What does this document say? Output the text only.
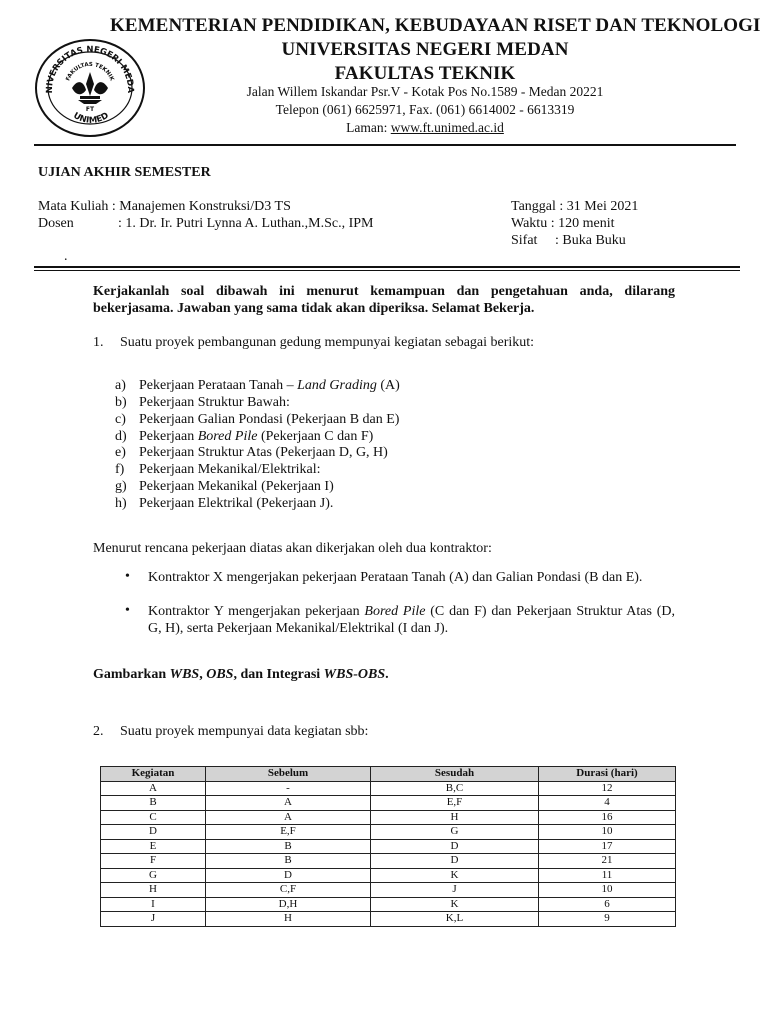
NIVERSITAS NEGERI MEDA
FAKULTAS TEKNIK
FT
UNIMED
KEMENTERIAN PENDIDIKAN, KEBUDAYAAN RISET DAN TEKNOLOGI
UNIVERSITAS NEGERI MEDAN
FAKULTAS TEKNIK
Jalan Willem Iskandar Psr.V - Kotak Pos No.1589 - Medan 20221
Telepon (061) 6625971, Fax. (061) 6614002 - 6613319
Laman: www.ft.unimed.ac.id
UJIAN AKHIR SEMESTER
Mata Kuliah : Manajemen Konstruksi/D3 TS
Dosen	: 1. Dr. Ir. Putri Lynna A. Luthan.,M.Sc., IPM
Tanggal : 31 Mei 2021
Waktu : 120 menit
Sifat : Buka Buku
.
Kerjakanlah soal dibawah ini menurut kemampuan dan pengetahuan anda, dilarang bekerjasama. Jawaban yang sama tidak akan diperiksa. Selamat Bekerja.
1. Suatu proyek pembangunan gedung mempunyai kegiatan sebagai berikut:
a) Pekerjaan Perataan Tanah – Land Grading (A)
b) Pekerjaan Struktur Bawah:
c) Pekerjaan Galian Pondasi (Pekerjaan B dan E)
d) Pekerjaan Bored Pile (Pekerjaan C dan F)
e) Pekerjaan Struktur Atas (Pekerjaan D, G, H)
f) Pekerjaan Mekanikal/Elektrikal:
g) Pekerjaan Mekanikal (Pekerjaan I)
h) Pekerjaan Elektrikal (Pekerjaan J).
Menurut rencana pekerjaan diatas akan dikerjakan oleh dua kontraktor:
• Kontraktor X mengerjakan pekerjaan Perataan Tanah (A) dan Galian Pondasi (B dan E).
• Kontraktor Y mengerjakan pekerjaan Bored Pile (C dan F) dan Pekerjaan Struktur Atas (D, G, H), serta Pekerjaan Mekanikal/Elektrikal (I dan J).
Gambarkan WBS, OBS, dan Integrasi WBS-OBS.
2. Suatu proyek mempunyai data kegiatan sbb:
Kegiatan	Sebelum	Sesudah	Durasi (hari)
A	-	B,C	12
B	A	E,F	4
C	A	H	16
D	E,F	G	10
E	B	D	17
F	B	D	21
G	D	K	11
H	C,F	J	10
I	D,H	K	6
J	H	K,L	9
